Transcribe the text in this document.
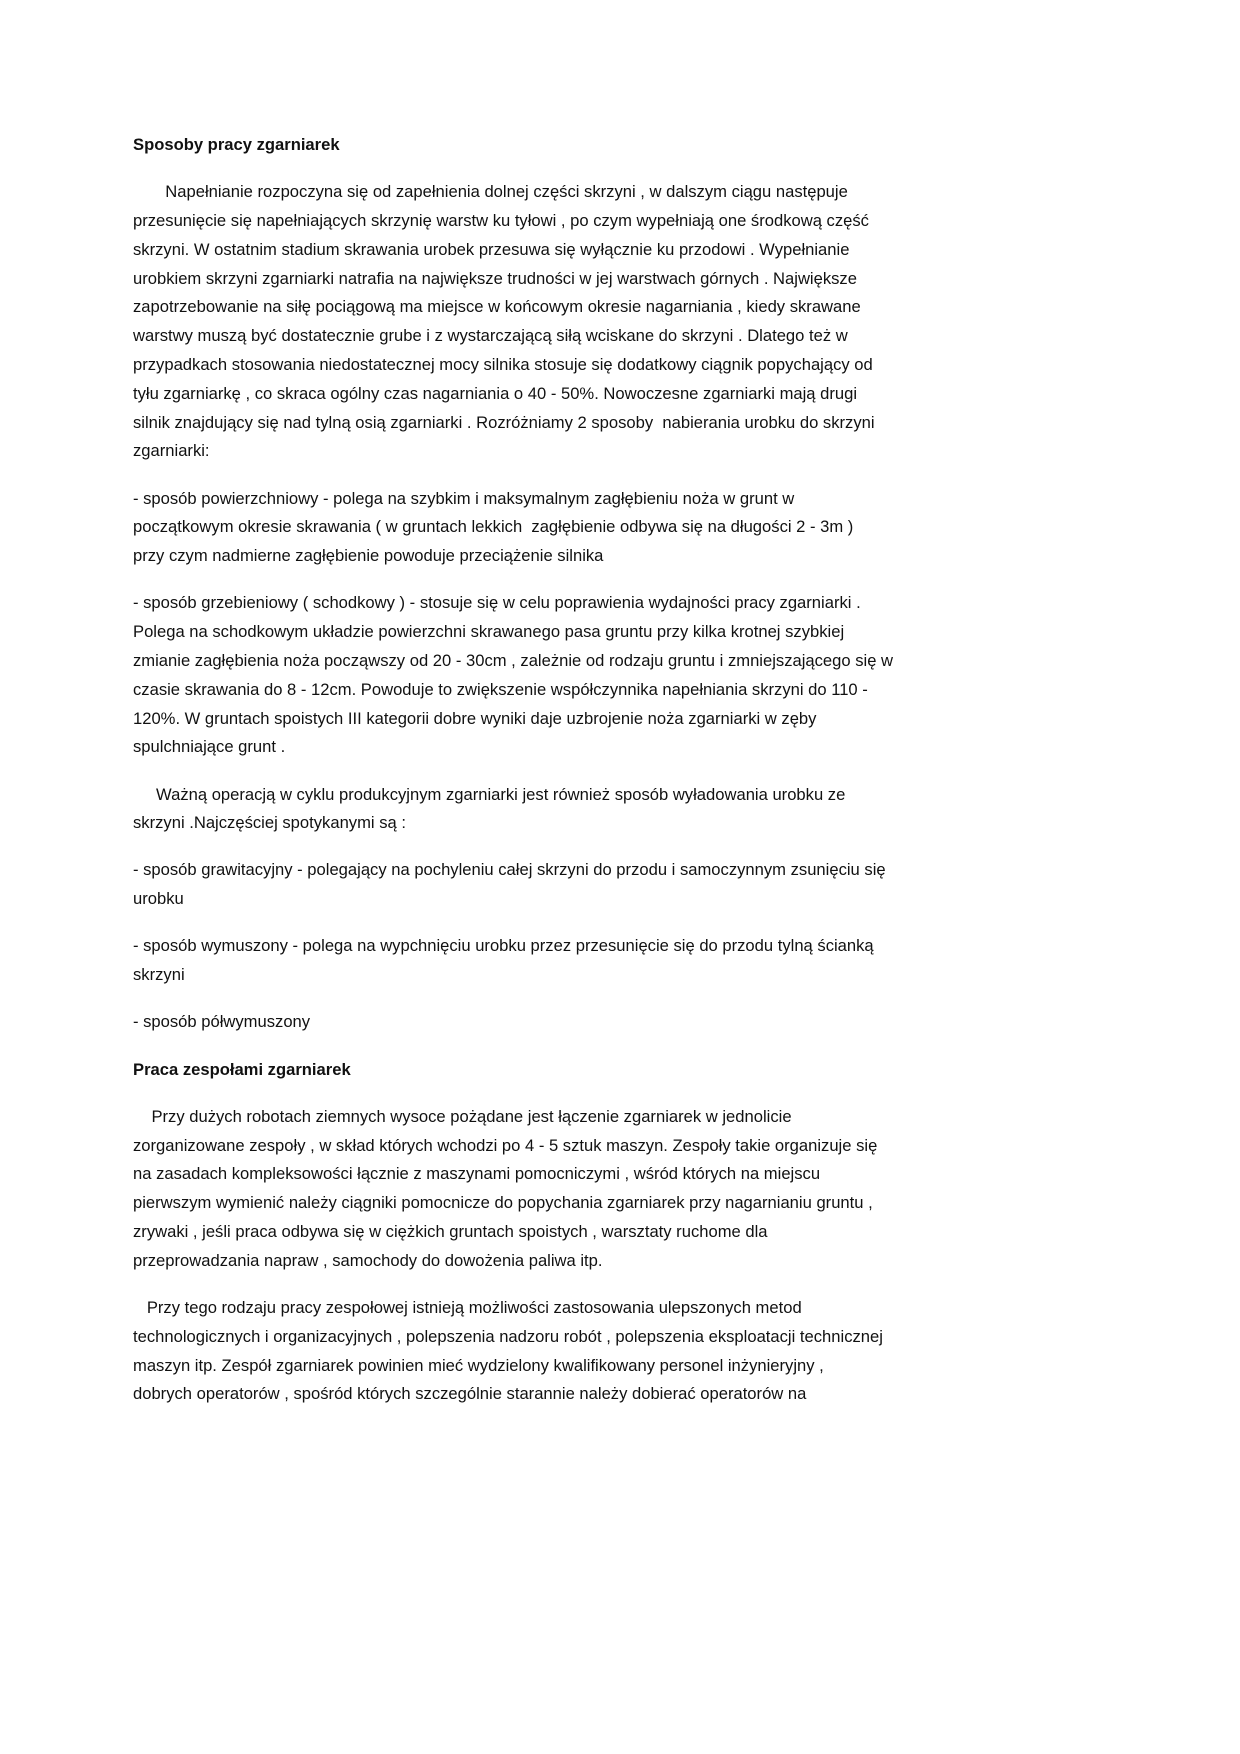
Sposoby pracy zgarniarek
Napełnianie rozpoczyna się od zapełnienia dolnej części skrzyni , w dalszym ciągu następuje
przesunięcie się napełniających skrzynię warstw ku tyłowi , po czym wypełniają one środkową część
skrzyni. W ostatnim stadium skrawania urobek przesuwa się wyłącznie ku przodowi . Wypełnianie
urobkiem skrzyni zgarniarki natrafia na największe trudności w jej warstwach górnych . Największe
zapotrzebowanie na siłę pociągową ma miejsce w końcowym okresie nagarniania , kiedy skrawane
warstwy muszą być dostatecznie grube i z wystarczającą siłą wciskane do skrzyni . Dlatego też w
przypadkach stosowania niedostatecznej mocy silnika stosuje się dodatkowy ciągnik popychający od
tyłu zgarniarkę , co skraca ogólny czas nagarniania o 40 - 50%. Nowoczesne zgarniarki mają drugi
silnik znajdujący się nad tylną osią zgarniarki . Rozróżniamy 2 sposoby  nabierania urobku do skrzyni
zgarniarki:
- sposób powierzchniowy - polega na szybkim i maksymalnym zagłębieniu noża w grunt w
początkowym okresie skrawania ( w gruntach lekkich  zagłębienie odbywa się na długości 2 - 3m )
przy czym nadmierne zagłębienie powoduje przeciążenie silnika
- sposób grzebieniowy ( schodkowy ) - stosuje się w celu poprawienia wydajności pracy zgarniarki .
Polega na schodkowym układzie powierzchni skrawanego pasa gruntu przy kilka krotnej szybkiej
zmianie zagłębienia noża począwszy od 20 - 30cm , zależnie od rodzaju gruntu i zmniejszającego się w
czasie skrawania do 8 - 12cm. Powoduje to zwiększenie współczynnika napełniania skrzyni do 110 -
120%. W gruntach spoistych III kategorii dobre wyniki daje uzbrojenie noża zgarniarki w zęby
spulchniające grunt .
Ważną operacją w cyklu produkcyjnym zgarniarki jest również sposób wyładowania urobku ze
skrzyni .Najczęściej spotykanymi są :
- sposób grawitacyjny - polegający na pochyleniu całej skrzyni do przodu i samoczynnym zsunięciu się
urobku
- sposób wymuszony - polega na wypchnięciu urobku przez przesunięcie się do przodu tylną ścianką
skrzyni
- sposób półwymuszony
Praca zespołami zgarniarek
Przy dużych robotach ziemnych wysoce pożądane jest łączenie zgarniarek w jednolicie
zorganizowane zespoły , w skład których wchodzi po 4 - 5 sztuk maszyn. Zespoły takie organizuje się
na zasadach kompleksowości łącznie z maszynami pomocniczymi , wśród których na miejscu
pierwszym wymienić należy ciągniki pomocnicze do popychania zgarniarek przy nagarnianiu gruntu ,
zrywaki , jeśli praca odbywa się w ciężkich gruntach spoistych , warsztaty ruchome dla
przeprowadzania napraw , samochody do dowożenia paliwa itp.
Przy tego rodzaju pracy zespołowej istnieją możliwości zastosowania ulepszonych metod
technologicznych i organizacyjnych , polepszenia nadzoru robót , polepszenia eksploatacji technicznej
maszyn itp. Zespół zgarniarek powinien mieć wydzielony kwalifikowany personel inżynieryjny ,
dobrych operatorów , spośród których szczególnie starannie należy dobierać operatorów na
